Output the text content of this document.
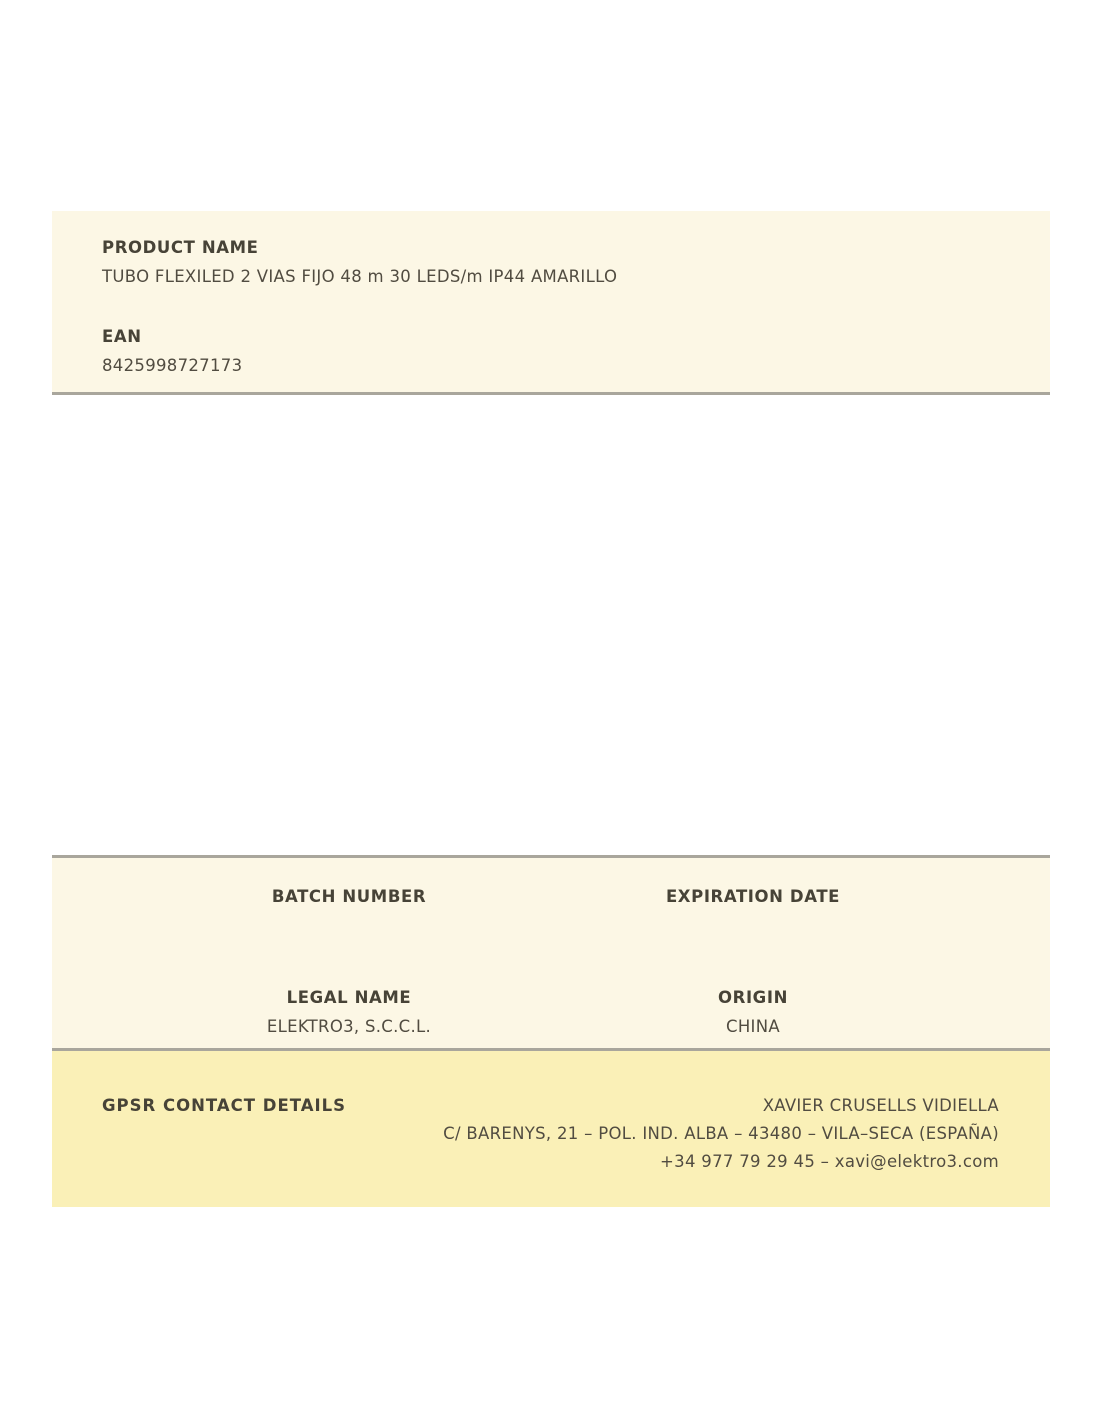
PRODUCT NAME
TUBO FLEXILED 2 VIAS FIJO 48 m 30 LEDS/m IP44 AMARILLO
EAN
8425998727173
BATCH NUMBER	EXPIRATION DATE
LEGAL NAME
ELEKTRO3, S.C.C.L.
ORIGIN
CHINA
GPSR CONTACT DETAILS	XAVIER CRUSELLS VIDIELLA
C/ BARENYS, 21 – POL. IND. ALBA – 43480 – VILA–SECA (ESPAÑA)
+34 977 79 29 45 – xavi@elektro3.com
